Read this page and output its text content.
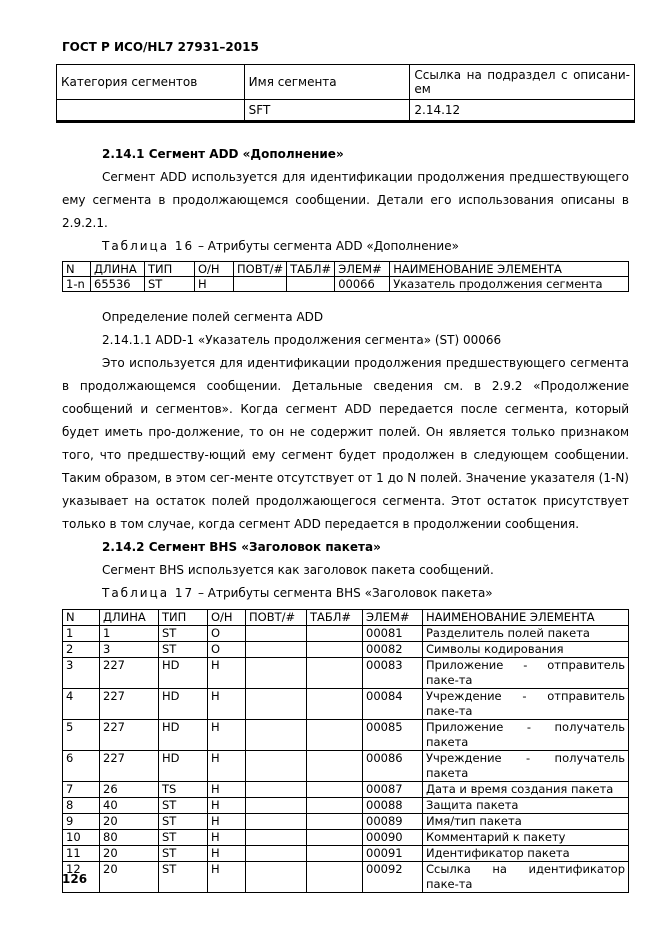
ГОСТ Р ИСО/HL7 27931–2015
Категория сегментов	Имя сегмента	Ссылка на подраздел с описани-ем
	SFT	2.14.12
2.14.1 Сегмент ADD «Дополнение»

Сегмент ADD используется для идентификации продолжения предшествующего ему сегмента в продолжающемся сообщении. Детали его использования описаны в 2.9.2.1.

Таблица 16 – Атрибуты сегмента ADD «Дополнение»
N	ДЛИНА	ТИП	О/Н	ПОВТ/#	ТАБЛ#	ЭЛЕМ#	НАИМЕНОВАНИЕ ЭЛЕМЕНТА
1-n	65536	ST	Н			00066	Указатель продолжения сегмента
Определение полей сегмента ADD
2.14.1.1 ADD-1 «Указатель продолжения сегмента» (ST) 00066

Это используется для идентификации продолжения предшествующего сегмента в продолжающемся сообщении. Детальные сведения см. в 2.9.2 «Продолжение сообщений и сегментов». Когда сегмент ADD передается после сегмента, который будет иметь про-должение, то он не содержит полей. Он является только признаком того, что предшеству-ющий ему сегмент будет продолжен в следующем сообщении. Таким образом, в этом сег-менте отсутствует от 1 до N полей. Значение указателя (1-N) указывает на остаток полей продолжающегося сегмента. Этот остаток присутствует только в том случае, когда сегмент ADD передается в продолжении сообщения.

2.14.2 Сегмент BHS «Заголовок пакета»
Сегмент BHS используется как заголовок пакета сообщений.
Таблица 17 – Атрибуты сегмента BHS «Заголовок пакета»
N	ДЛИНА	ТИП	О/Н	ПОВТ/#	ТАБЛ#	ЭЛЕМ#	НАИМЕНОВАНИЕ ЭЛЕМЕНТА
1	1	ST	О			00081	Разделитель полей пакета
2	3	ST	О			00082	Символы кодирования
3	227	HD	Н			00083	Приложение - отправитель паке-та
4	227	HD	Н			00084	Учреждение - отправитель паке-та
5	227	HD	Н			00085	Приложение - получатель пакета
6	227	HD	Н			00086	Учреждение - получатель пакета
7	26	TS	Н			00087	Дата и время создания пакета
8	40	ST	Н			00088	Защита пакета
9	20	ST	Н			00089	Имя/тип пакета
10	80	ST	Н			00090	Комментарий к пакету
11	20	ST	Н			00091	Идентификатор пакета
12	20	ST	Н			00092	Ссылка на идентификатор паке-та
126
